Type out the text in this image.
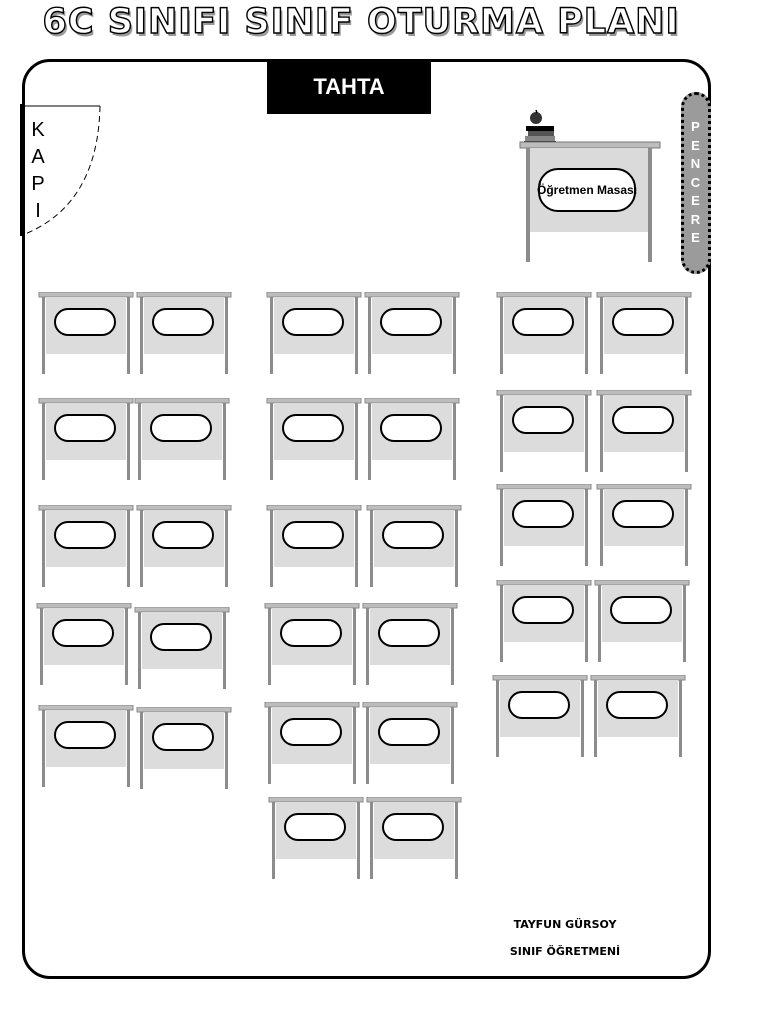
6C SINIFI SINIF OTURMA PLANI
TAHTA
K
A
P
I
P
E
N
C
E
R
E
Öğretmen Masası
TAYFUN GÜRSOY
SINIF ÖĞRETMENİ
